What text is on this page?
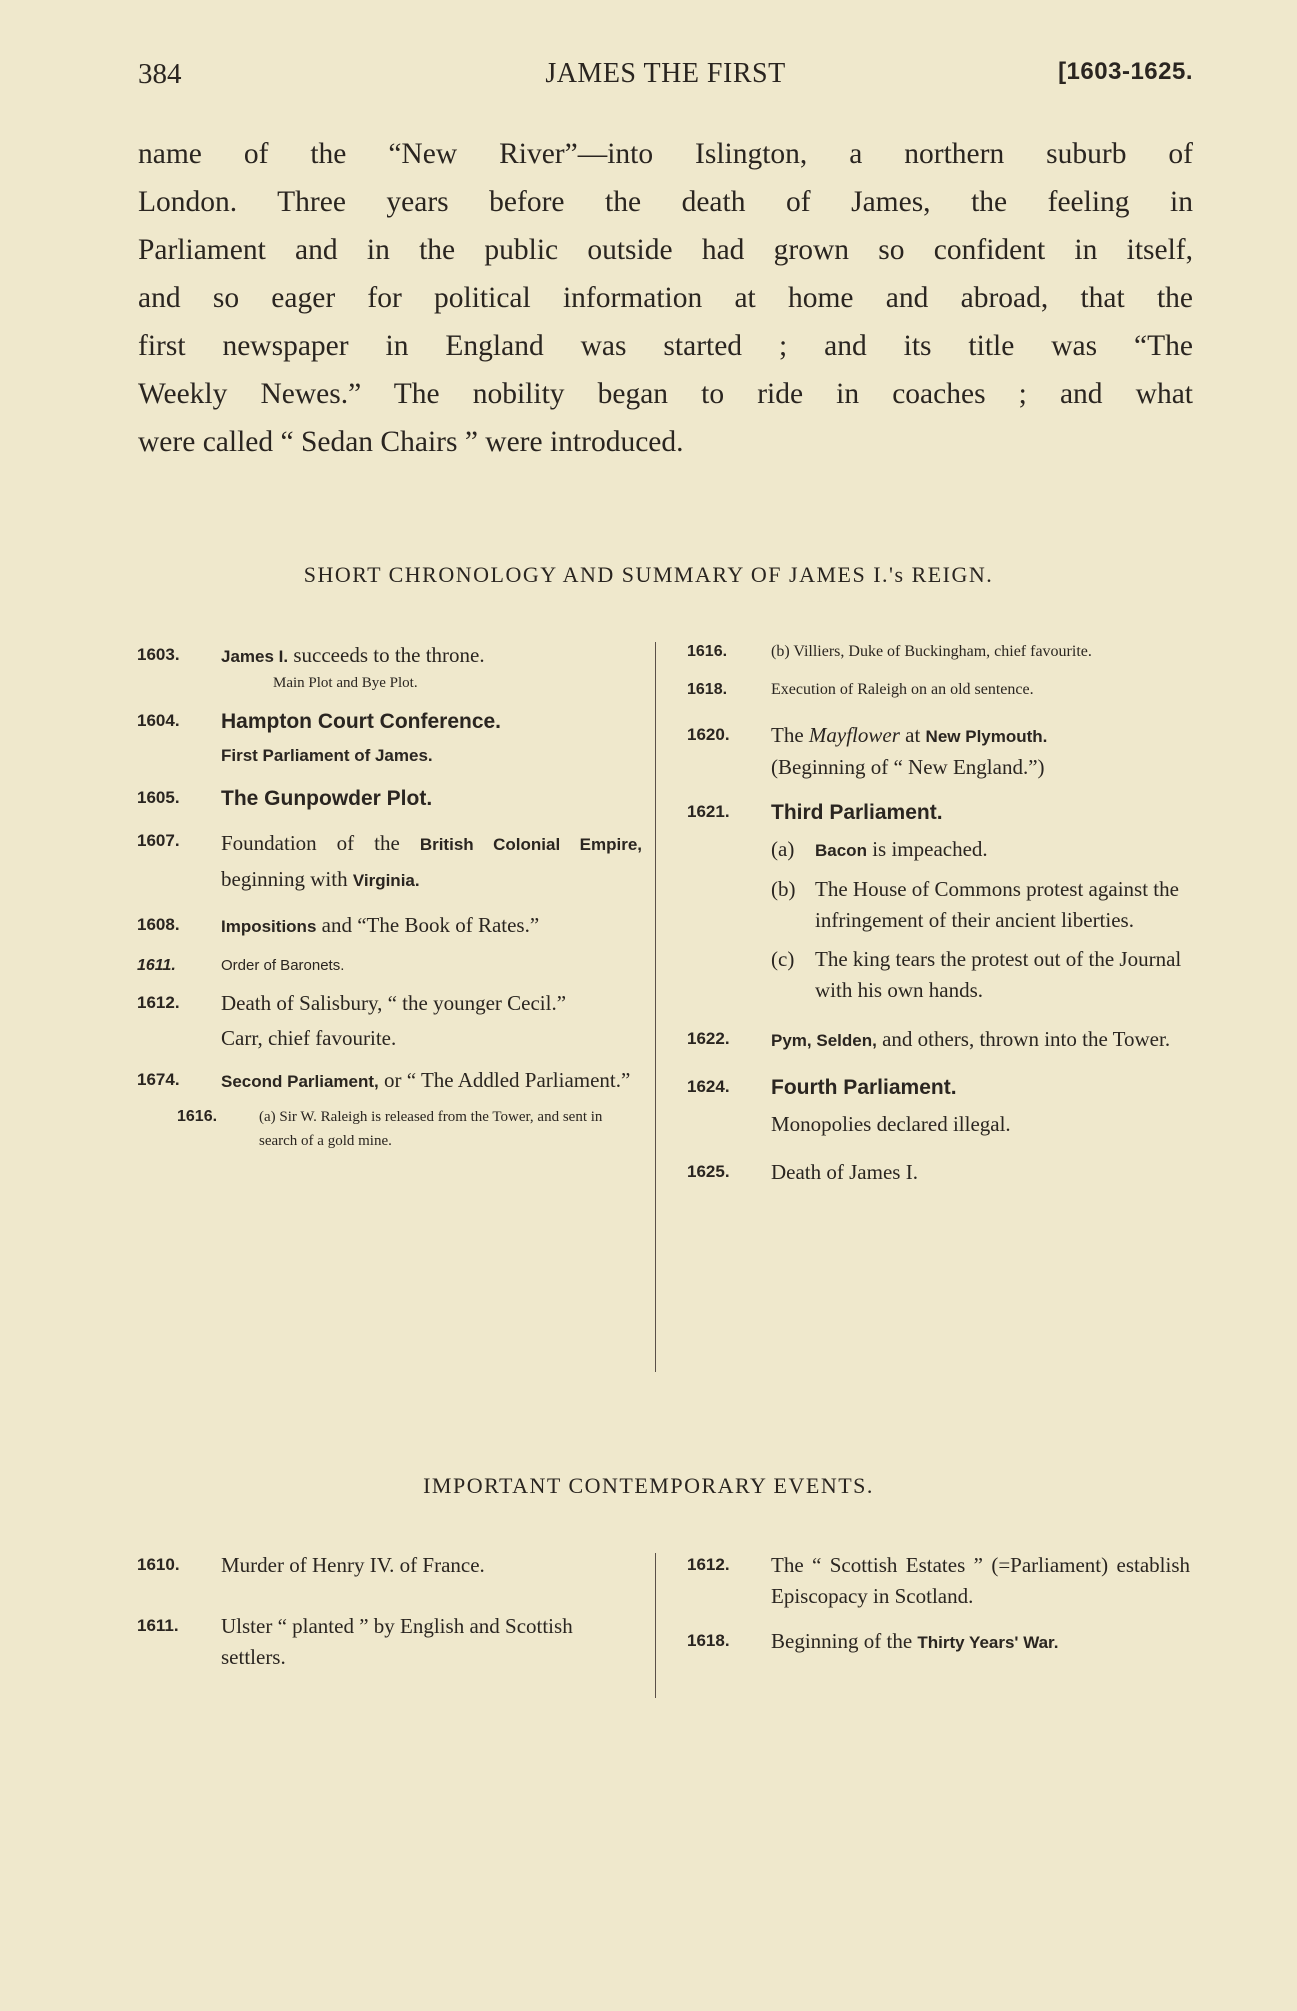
384	JAMES THE FIRST	[1603-1625.
name of the “New River”—into Islington, a northern suburb of
London. Three years before the death of James, the feeling in
Parliament and in the public outside had grown so confident in itself,
and so eager for political information at home and abroad, that the
first newspaper in England was started ; and its title was “The
Weekly Newes.” The nobility began to ride in coaches ; and what
were called “ Sedan Chairs ” were introduced.
SHORT CHRONOLOGY AND SUMMARY OF JAMES I.'s REIGN.
1603. James I. succeeds to the throne.
Main Plot and Bye Plot.
1604. Hampton Court Conference.
First Parliament of James.
1605. The Gunpowder Plot.
1607. Foundation of the British Colonial Empire, beginning with Virginia.
1608. Impositions and “The Book of Rates.”
1611.	Order of Baronets.
1612. Death of Salisbury, “ the younger Cecil.”
Carr, chief favourite.
1674. Second Parliament, or “ The Addled Parliament.”
1616.	(a) Sir W. Raleigh is released from the Tower, and sent in search of a gold mine.
1616.	(b) Villiers, Duke of Buckingham, chief favourite.
1618.	Execution of Raleigh on an old sentence.
1620. The Mayflower at New Plymouth.
(Beginning of “ New England.”)
1621. Third Parliament.
(a) Bacon is impeached.
(b) The House of Commons protest against the infringement of their ancient liberties.
(c) The king tears the protest out of the Journal with his own hands.
1622. Pym, Selden, and others, thrown into the Tower.
1624. Fourth Parliament.
Monopolies declared illegal.
1625. Death of James I.
IMPORTANT CONTEMPORARY EVENTS.
1610. Murder of Henry IV. of France.
1611. Ulster “ planted ” by English and Scottish settlers.
1612. The “ Scottish Estates ” (=Parliament) establish Episcopacy in Scotland.
1618. Beginning of the Thirty Years' War.
